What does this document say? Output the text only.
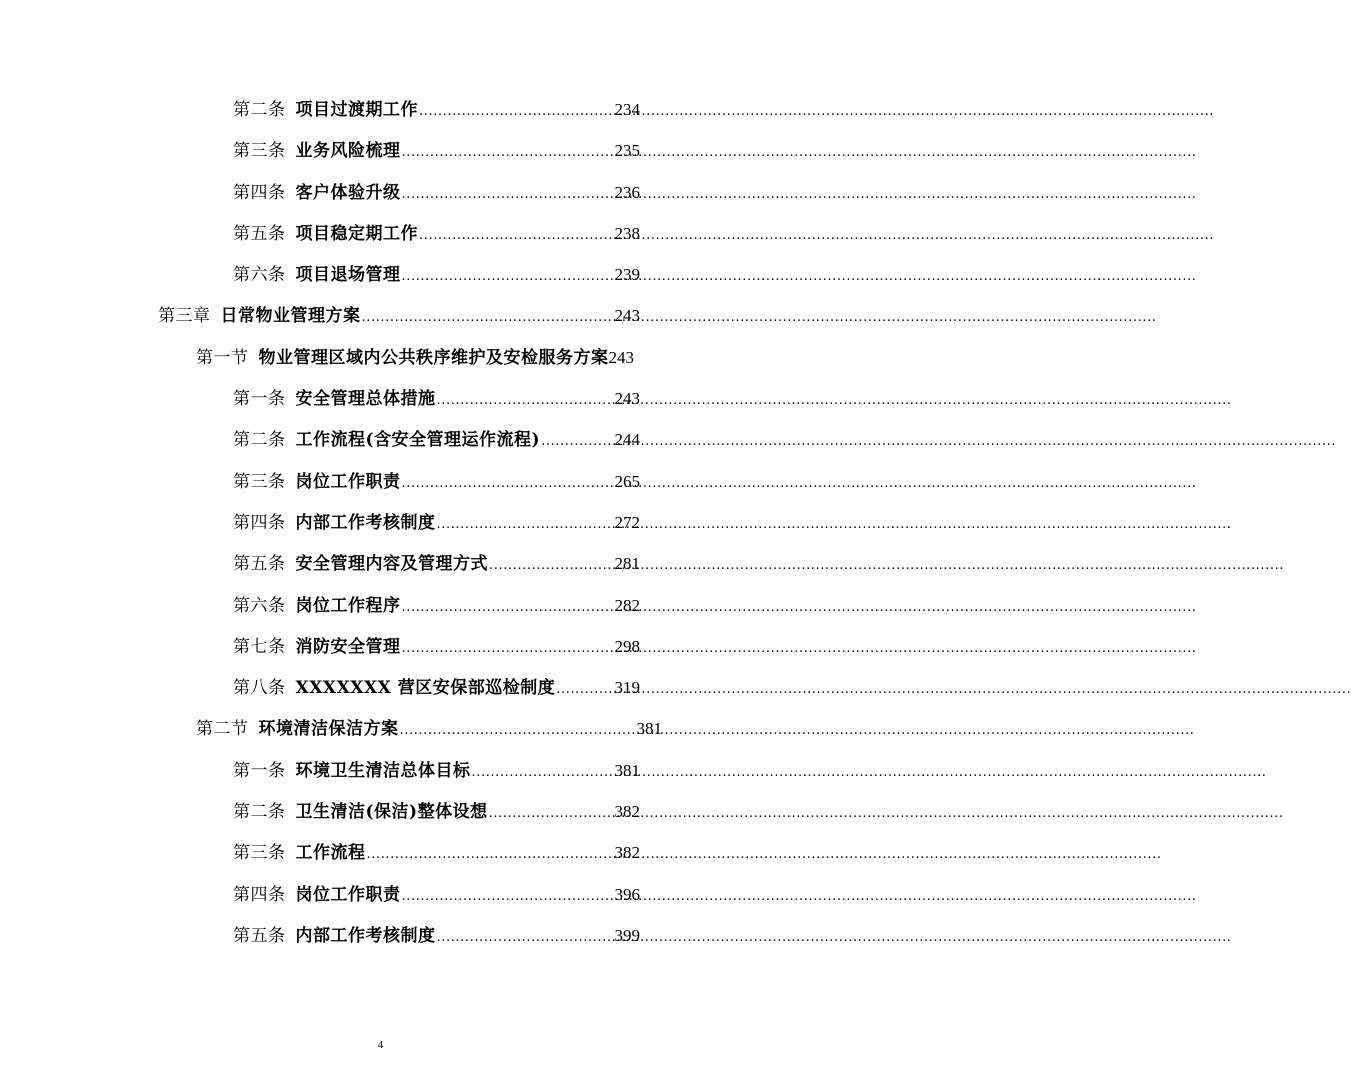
第二条 项目过渡期工作 .....	234
第三条 业务风险梳理 .....	235
第四条 客户体验升级 .....	236
第五条 项目稳定期工作 .....	238
第六条 项目退场管理 .....	239
第三章 日常物业管理方案 .....	243
第一节 物业管理区域内公共秩序维护及安检服务方案 243
第一条 安全管理总体措施 .....	243
第二条 工作流程(含安全管理运作流程) .....	244
第三条 岗位工作职责 .....	265
第四条 内部工作考核制度 .....	272
第五条 安全管理内容及管理方式 .....	281
第六条 岗位工作程序 .....	282
第七条 消防安全管理 .....	298
第八条 XXXXXXX 营区安保部巡检制度 .....	319
第二节 环境清洁保洁方案 .....	381
第一条 环境卫生清洁总体目标 .....	381
第二条 卫生清洁(保洁)整体设想 .....	382
第三条 工作流程 .....	382
第四条 岗位工作职责 .....	396
第五条 内部工作考核制度 .....	399
4
